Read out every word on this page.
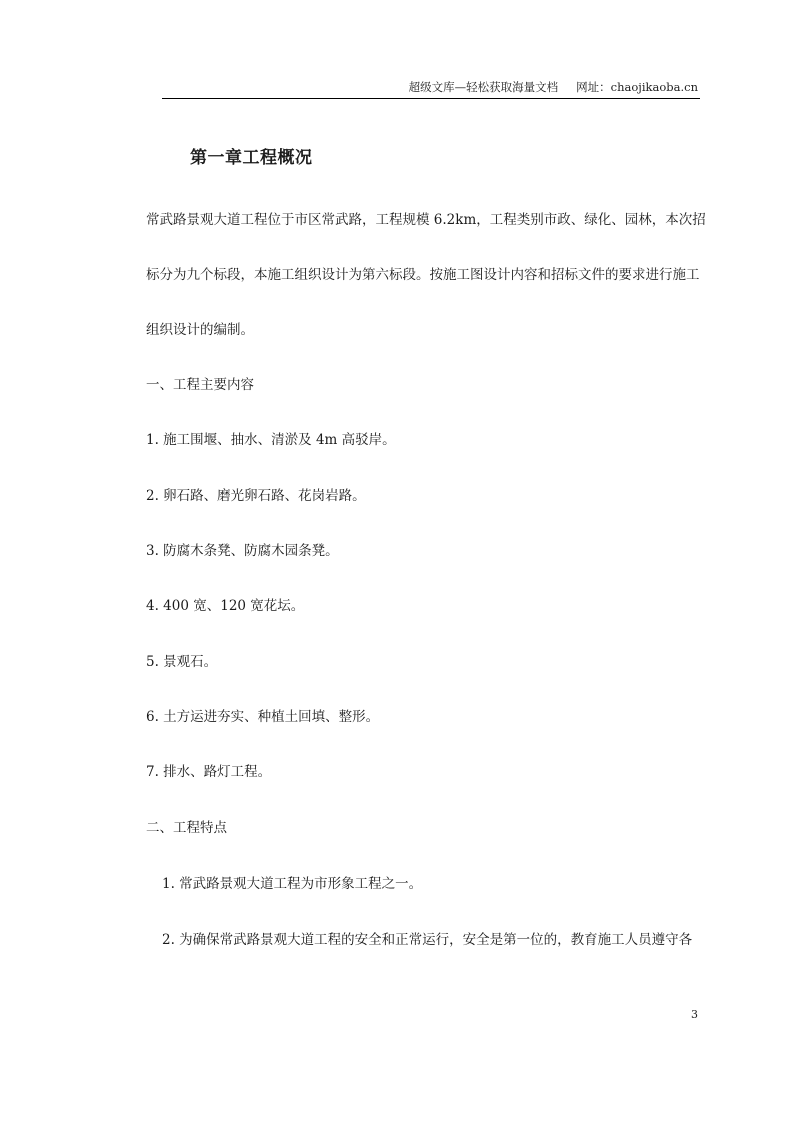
超级文库—轻松获取海量文档 网址：chaojikaoba.cn
第一章工程概况
常武路景观大道工程位于市区常武路，工程规模 6.2km，工程类别市政、绿化、园林，本次招
标分为九个标段，本施工组织设计为第六标段。按施工图设计内容和招标文件的要求进行施工
组织设计的编制。
一、工程主要内容
1. 施工围堰、抽水、清淤及 4m 高驳岸。
2. 卵石路、磨光卵石路、花岗岩路。
3. 防腐木条凳、防腐木园条凳。
4. 400 宽、120 宽花坛。
5. 景观石。
6. 土方运进夯实、种植土回填、整形。
7. 排水、路灯工程。
二、工程特点
1. 常武路景观大道工程为市形象工程之一。
2. 为确保常武路景观大道工程的安全和正常运行，安全是第一位的，教育施工人员遵守各
3
